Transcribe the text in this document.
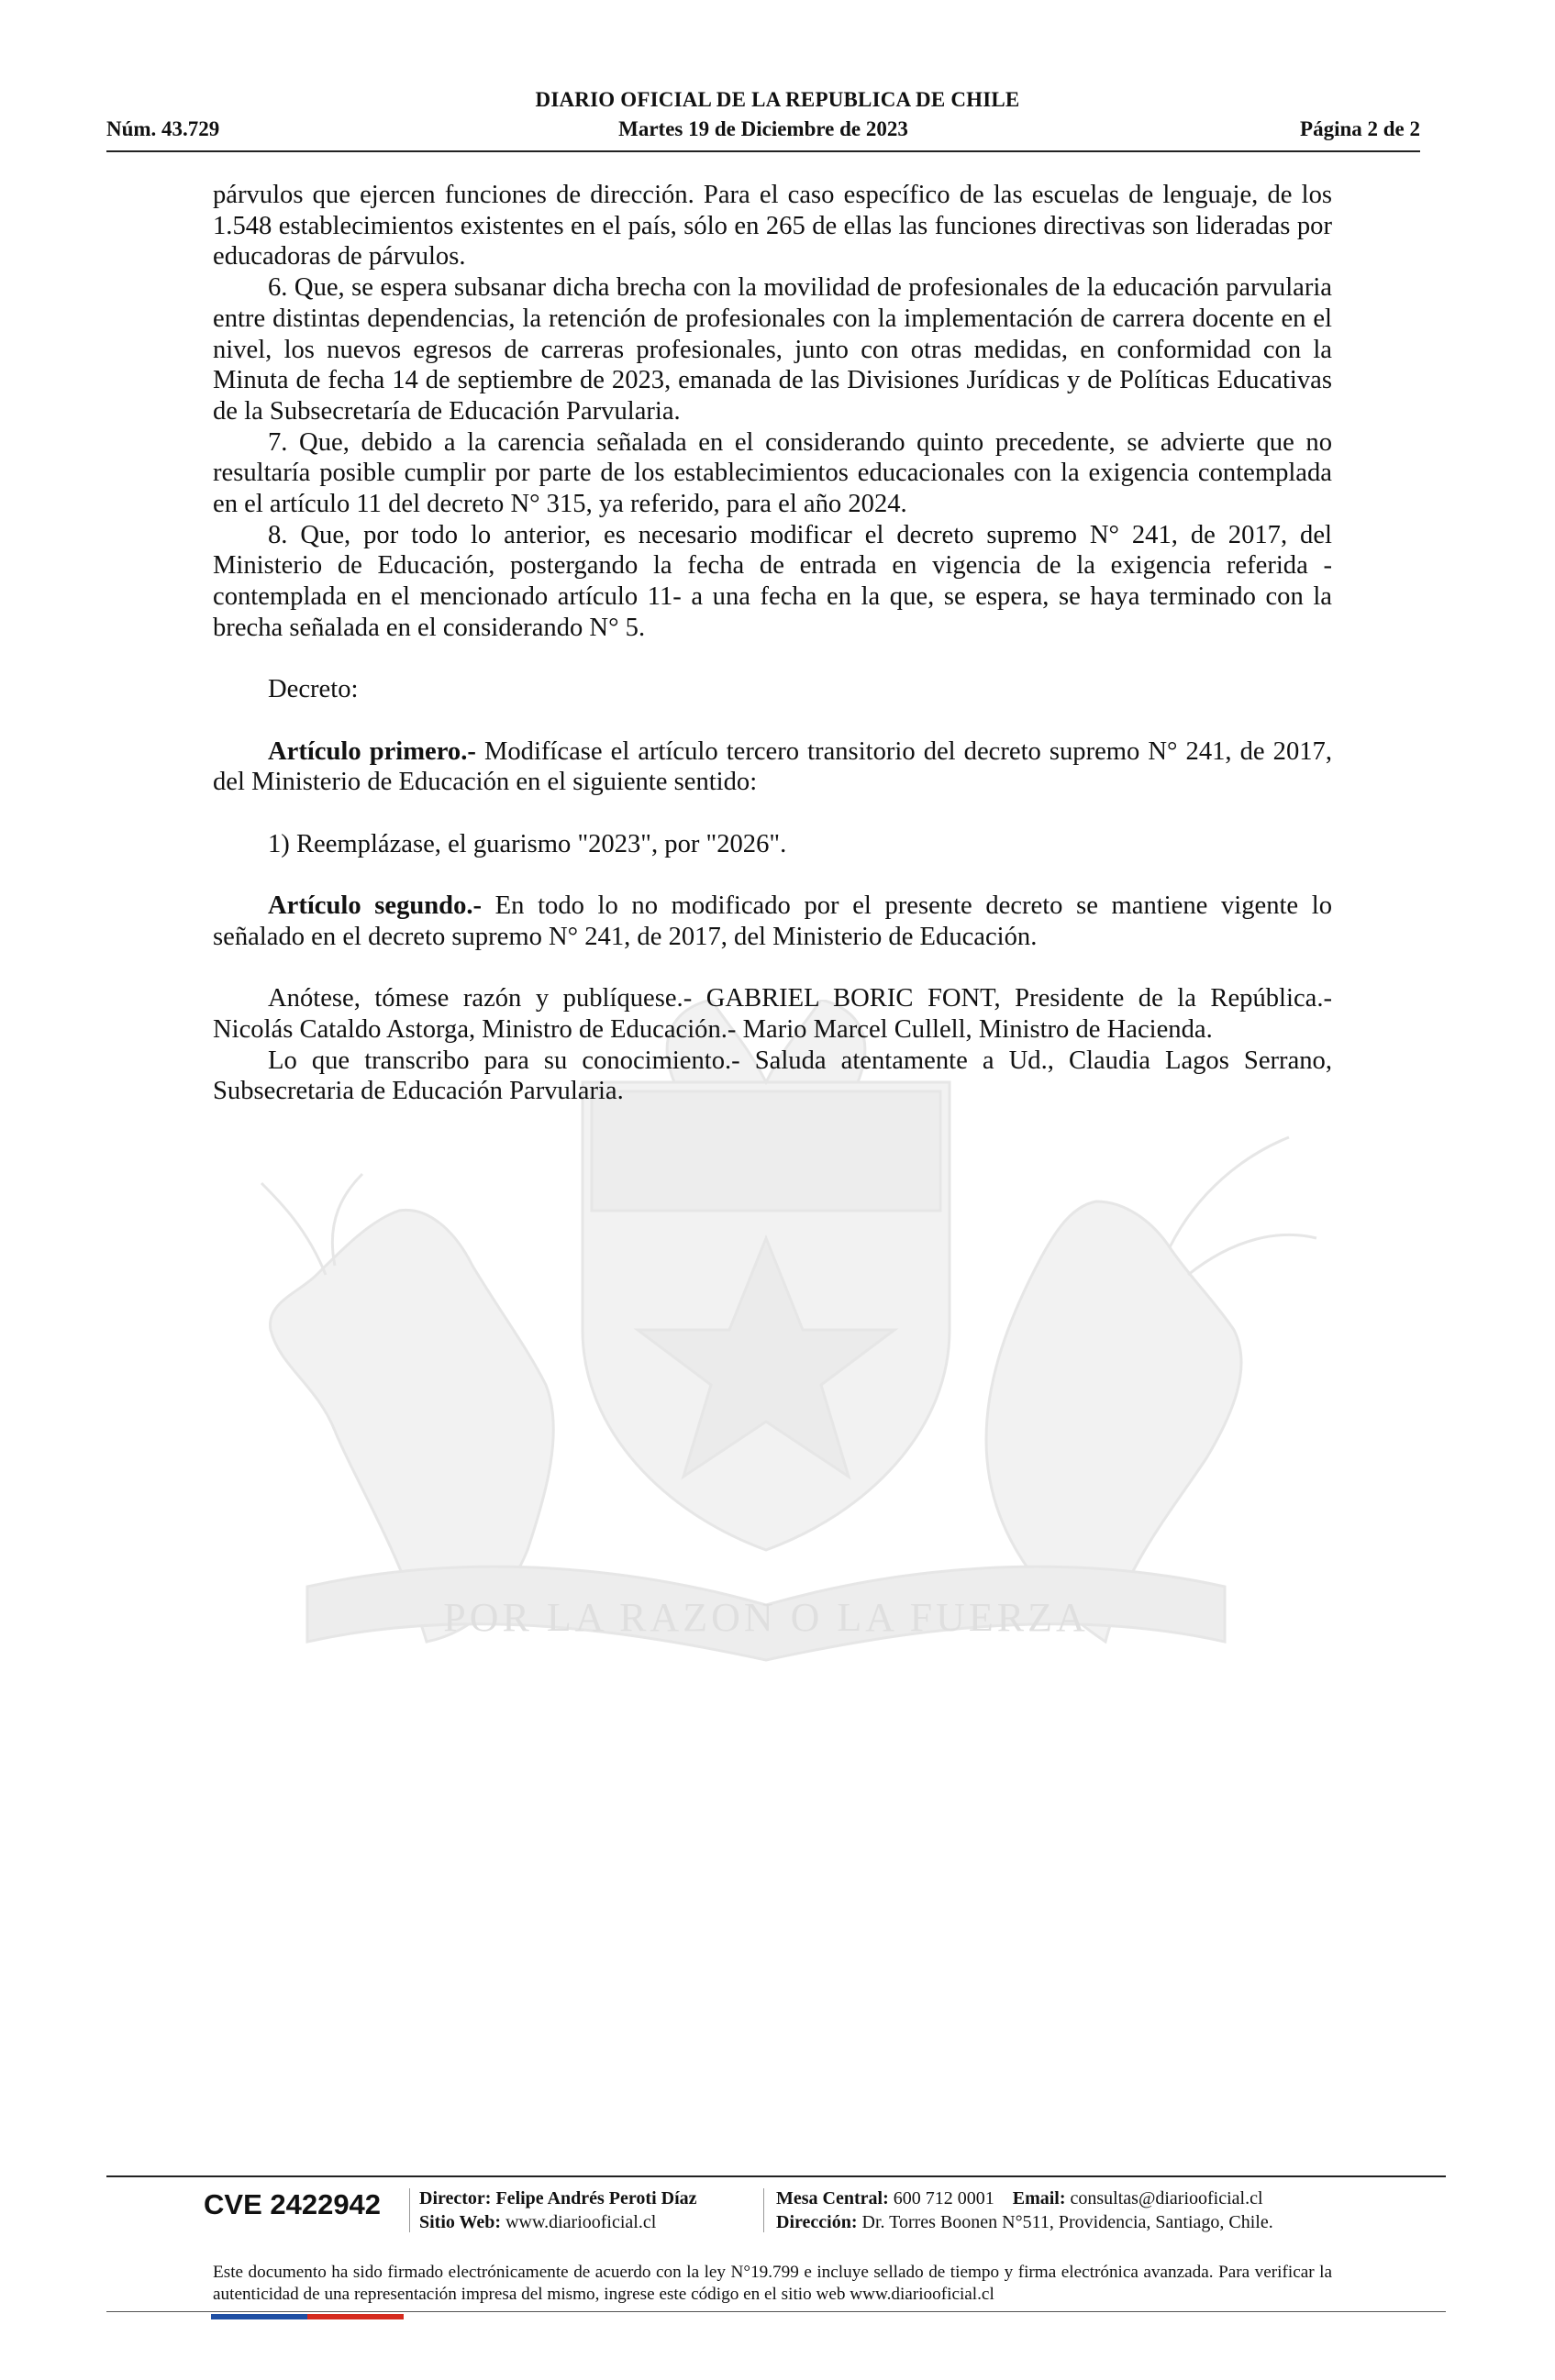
DIARIO OFICIAL DE LA REPUBLICA DE CHILE
Martes 19 de Diciembre de 2023
Núm. 43.729	Página 2 de 2
POR LA RAZON O LA FUERZA

párvulos que ejercen funciones de dirección. Para el caso específico de las escuelas de lenguaje, de los 1.548 establecimientos existentes en el país, sólo en 265 de ellas las funciones directivas son lideradas por educadoras de párvulos.

6. Que, se espera subsanar dicha brecha con la movilidad de profesionales de la educación parvularia entre distintas dependencias, la retención de profesionales con la implementación de carrera docente en el nivel, los nuevos egresos de carreras profesionales, junto con otras medidas, en conformidad con la Minuta de fecha 14 de septiembre de 2023, emanada de las Divisiones Jurídicas y de Políticas Educativas de la Subsecretaría de Educación Parvularia.

7. Que, debido a la carencia señalada en el considerando quinto precedente, se advierte que no resultaría posible cumplir por parte de los establecimientos educacionales con la exigencia contemplada en el artículo 11 del decreto N° 315, ya referido, para el año 2024.

8. Que, por todo lo anterior, es necesario modificar el decreto supremo N° 241, de 2017, del Ministerio de Educación, postergando la fecha de entrada en vigencia de la exigencia referida -contemplada en el mencionado artículo 11- a una fecha en la que, se espera, se haya terminado con la brecha señalada en el considerando N° 5.

Decreto:

Artículo primero.- Modifícase el artículo tercero transitorio del decreto supremo N° 241, de 2017, del Ministerio de Educación en el siguiente sentido:

1) Reemplázase, el guarismo "2023", por "2026".

Artículo segundo.- En todo lo no modificado por el presente decreto se mantiene vigente lo señalado en el decreto supremo N° 241, de 2017, del Ministerio de Educación.

Anótese, tómese razón y publíquese.- GABRIEL BORIC FONT, Presidente de la República.- Nicolás Cataldo Astorga, Ministro de Educación.- Mario Marcel Cullell, Ministro de Hacienda.

Lo que transcribo para su conocimiento.- Saluda atentamente a Ud., Claudia Lagos Serrano, Subsecretaria de Educación Parvularia.

CVE 2422942 Director: Felipe Andrés Peroti Díaz
Sitio Web: www.diariooficial.cl
Mesa Central: 600 712 0001 Email: consultas@diariooficial.cl
Dirección: Dr. Torres Boonen N°511, Providencia, Santiago, Chile.
Este documento ha sido firmado electrónicamente de acuerdo con la ley N°19.799 e incluye sellado de tiempo y firma electrónica avanzada. Para verificar la autenticidad de una representación impresa del mismo, ingrese este código en el sitio web www.diariooficial.cl
